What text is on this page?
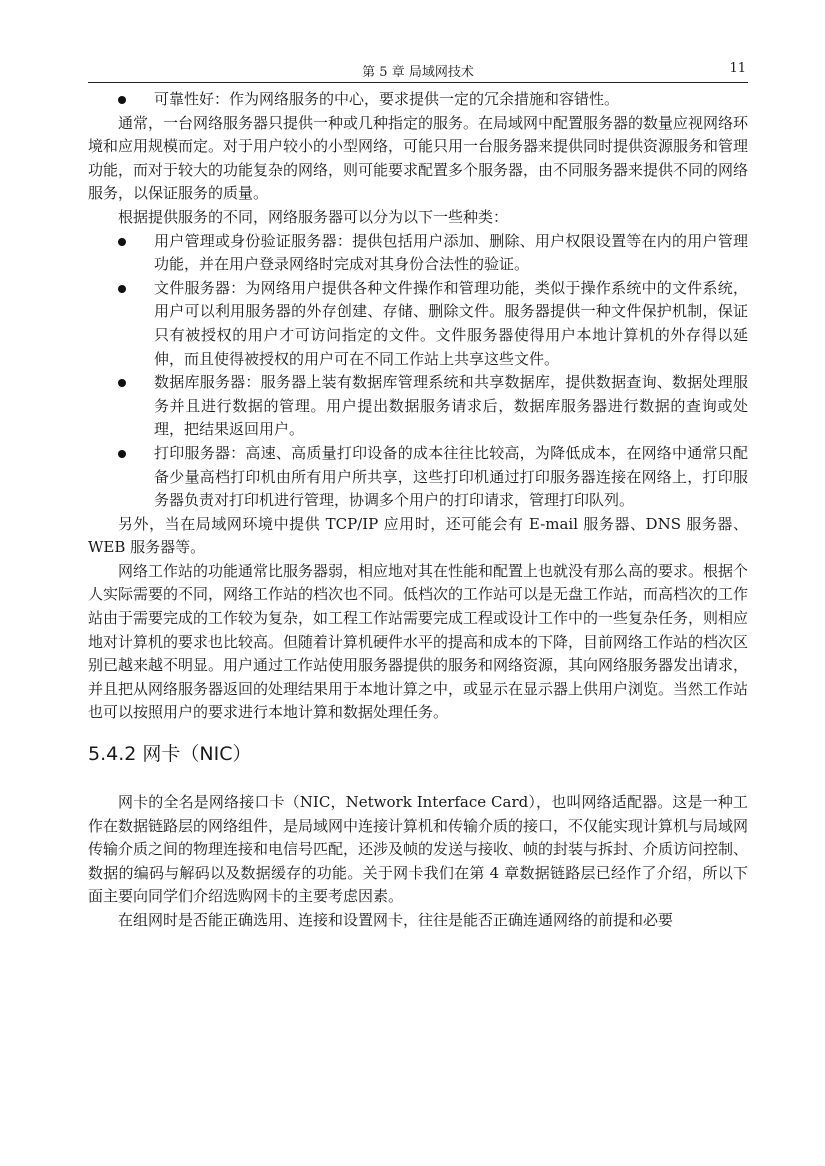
第 5 章 局域网技术	11
可靠性好：作为网络服务的中心，要求提供一定的冗余措施和容错性。

通常，一台网络服务器只提供一种或几种指定的服务。在局域网中配置服务器的数量应视网络环境和应用规模而定。对于用户较小的小型网络，可能只用一台服务器来提供同时提供资源服务和管理功能，而对于较大的功能复杂的网络，则可能要求配置多个服务器，由不同服务器来提供不同的网络服务，以保证服务的质量。

根据提供服务的不同，网络服务器可以分为以下一些种类：

用户管理或身份验证服务器：提供包括用户添加、删除、用户权限设置等在内的用户管理功能，并在用户登录网络时完成对其身份合法性的验证。
文件服务器：为网络用户提供各种文件操作和管理功能，类似于操作系统中的文件系统，用户可以利用服务器的外存创建、存储、删除文件。服务器提供一种文件保护机制，保证只有被授权的用户才可访问指定的文件。文件服务器使得用户本地计算机的外存得以延伸，而且使得被授权的用户可在不同工作站上共享这些文件。
数据库服务器：服务器上装有数据库管理系统和共享数据库，提供数据查询、数据处理服务并且进行数据的管理。用户提出数据服务请求后，数据库服务器进行数据的查询或处理，把结果返回用户。
打印服务器：高速、高质量打印设备的成本往往比较高，为降低成本，在网络中通常只配备少量高档打印机由所有用户所共享，这些打印机通过打印服务器连接在网络上，打印服务器负责对打印机进行管理，协调多个用户的打印请求，管理打印队列。

另外，当在局域网环境中提供 TCP/IP 应用时，还可能会有 E-mail 服务器、DNS 服务器、WEB 服务器等。

网络工作站的功能通常比服务器弱，相应地对其在性能和配置上也就没有那么高的要求。根据个人实际需要的不同，网络工作站的档次也不同。低档次的工作站可以是无盘工作站，而高档次的工作站由于需要完成的工作较为复杂，如工程工作站需要完成工程或设计工作中的一些复杂任务，则相应地对计算机的要求也比较高。但随着计算机硬件水平的提高和成本的下降，目前网络工作站的档次区别已越来越不明显。用户通过工作站使用服务器提供的服务和网络资源，其向网络服务器发出请求，并且把从网络服务器返回的处理结果用于本地计算之中，或显示在显示器上供用户浏览。当然工作站也可以按照用户的要求进行本地计算和数据处理任务。

5.4.2 网卡（NIC）

网卡的全名是网络接口卡（NIC，Network Interface Card），也叫网络适配器。这是一种工作在数据链路层的网络组件，是局域网中连接计算机和传输介质的接口，不仅能实现计算机与局域网传输介质之间的物理连接和电信号匹配，还涉及帧的发送与接收、帧的封装与拆封、介质访问控制、数据的编码与解码以及数据缓存的功能。关于网卡我们在第 4 章数据链路层已经作了介绍，所以下面主要向同学们介绍选购网卡的主要考虑因素。

在组网时是否能正确选用、连接和设置网卡，往往是能否正确连通网络的前提和必要
